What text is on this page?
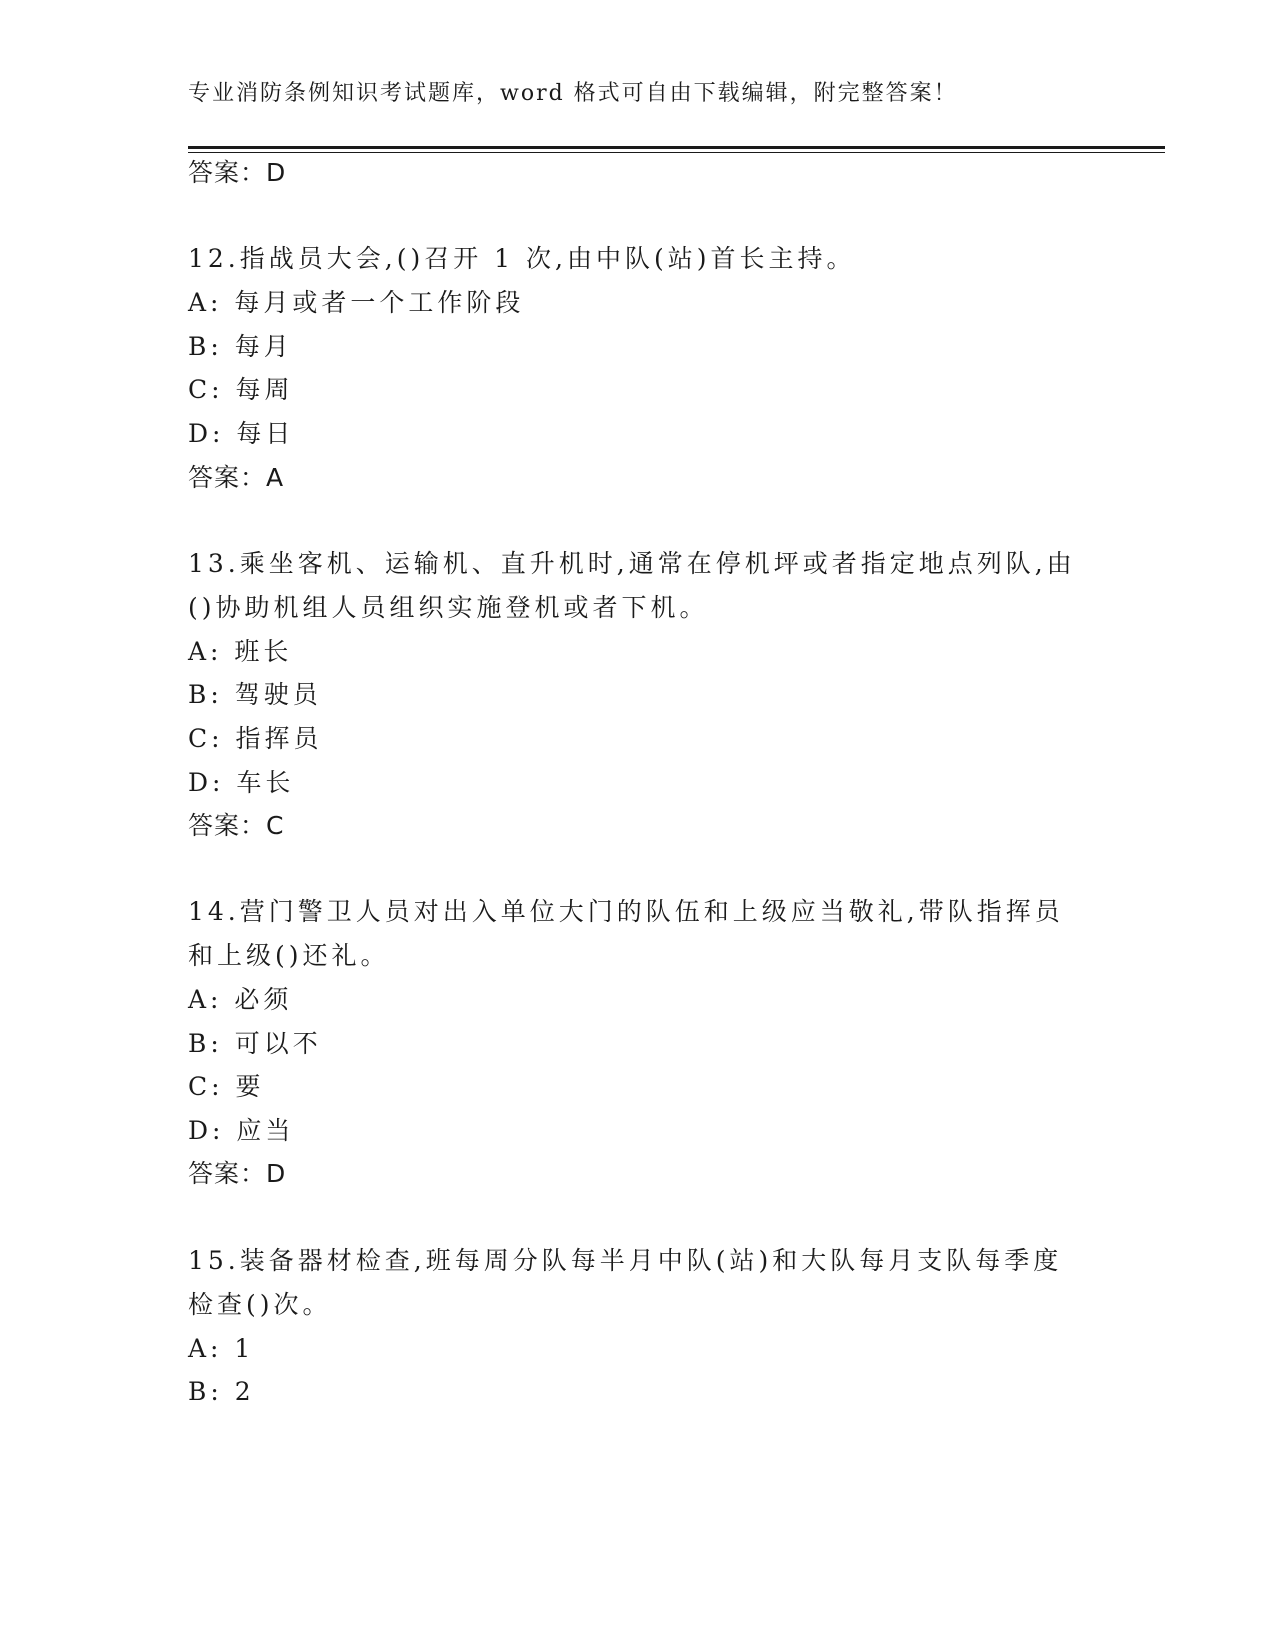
专业消防条例知识考试题库，word 格式可自由下载编辑，附完整答案！
答案：D
12.指战员大会,()召开 1 次,由中队(站)首长主持。
A: 每月或者一个工作阶段
B: 每月
C: 每周
D: 每日
答案：A
13.乘坐客机、运输机、直升机时,通常在停机坪或者指定地点列队,由
()协助机组人员组织实施登机或者下机。
A: 班长
B: 驾驶员
C: 指挥员
D: 车长
答案：C
14.营门警卫人员对出入单位大门的队伍和上级应当敬礼,带队指挥员
和上级()还礼。
A: 必须
B: 可以不
C: 要
D: 应当
答案：D
15.装备器材检查,班每周分队每半月中队(站)和大队每月支队每季度
检查()次。
A: 1
B: 2
